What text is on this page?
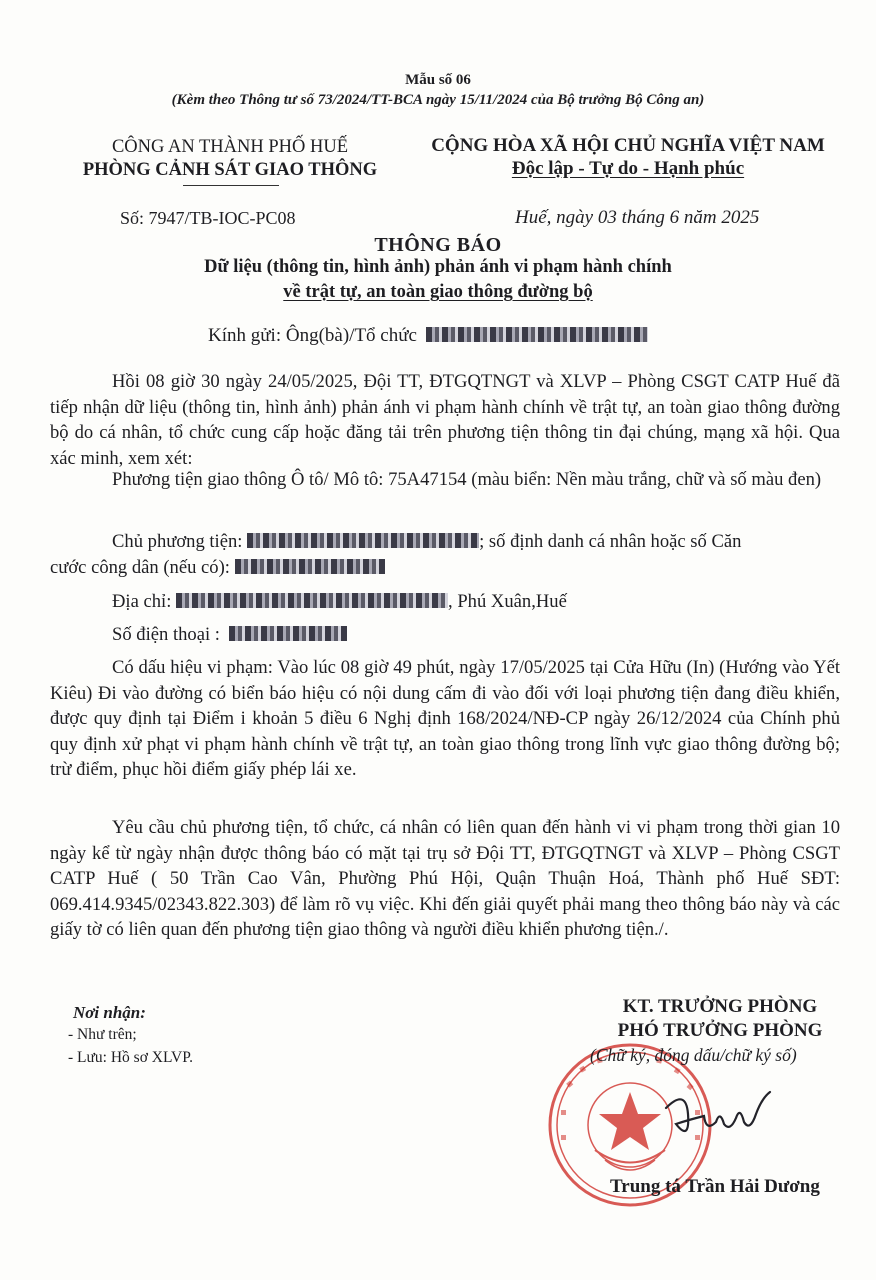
Mẫu số 06
(Kèm theo Thông tư số 73/2024/TT-BCA ngày 15/11/2024 của Bộ trưởng Bộ Công an)
CÔNG AN THÀNH PHỐ HUẾ
PHÒNG CẢNH SÁT GIAO THÔNG
CỘNG HÒA XÃ HỘI CHỦ NGHĨA VIỆT NAM
Độc lập - Tự do - Hạnh phúc
Số: 7947/TB-IOC-PC08	Huế, ngày 03 tháng 6 năm 2025
THÔNG BÁO
Dữ liệu (thông tin, hình ảnh) phản ánh vi phạm hành chính
về trật tự, an toàn giao thông đường bộ
Kính gửi: Ông(bà)/Tổ chức
Hồi 08 giờ 30 ngày 24/05/2025, Đội TT, ĐTGQTNGT và XLVP – Phòng CSGT CATP Huế đã tiếp nhận dữ liệu (thông tin, hình ảnh) phản ánh vi phạm hành chính về trật tự, an toàn giao thông đường bộ do cá nhân, tổ chức cung cấp hoặc đăng tải trên phương tiện thông tin đại chúng, mạng xã hội. Qua xác minh, xem xét:
Phương tiện giao thông Ô tô/ Mô tô: 75A47154 (màu biển: Nền màu trắng, chữ và số màu đen)
Chủ phương tiện:	; số định danh cá nhân hoặc số Căn
cước công dân (nếu có):
Địa chỉ:	, Phú Xuân,Huế
Số điện thoại :
Có dấu hiệu vi phạm: Vào lúc 08 giờ 49 phút, ngày 17/05/2025 tại Cửa Hữu (In) (Hướng vào Yết Kiêu) Đi vào đường có biển báo hiệu có nội dung cấm đi vào đối với loại phương tiện đang điều khiển, được quy định tại Điểm i khoản 5 điều 6 Nghị định 168/2024/NĐ-CP ngày 26/12/2024 của Chính phủ quy định xử phạt vi phạm hành chính về trật tự, an toàn giao thông trong lĩnh vực giao thông đường bộ; trừ điểm, phục hồi điểm giấy phép lái xe.
Yêu cầu chủ phương tiện, tổ chức, cá nhân có liên quan đến hành vi vi phạm trong thời gian 10 ngày kể từ ngày nhận được thông báo có mặt tại trụ sở Đội TT, ĐTGQTNGT và XLVP – Phòng CSGT CATP Huế ( 50 Trần Cao Vân, Phường Phú Hội, Quận Thuận Hoá, Thành phố Huế SĐT: 069.414.9345/02343.822.303) để làm rõ vụ việc. Khi đến giải quyết phải mang theo thông báo này và các giấy tờ có liên quan đến phương tiện giao thông và người điều khiển phương tiện./.
Nơi nhận:
- Như trên;
- Lưu: Hồ sơ XLVP.
KT. TRƯỞNG PHÒNG
PHÓ TRƯỞNG PHÒNG
(Chữ ký, đóng dấu/chữ ký số)
Trung tá Trần Hải Dương
